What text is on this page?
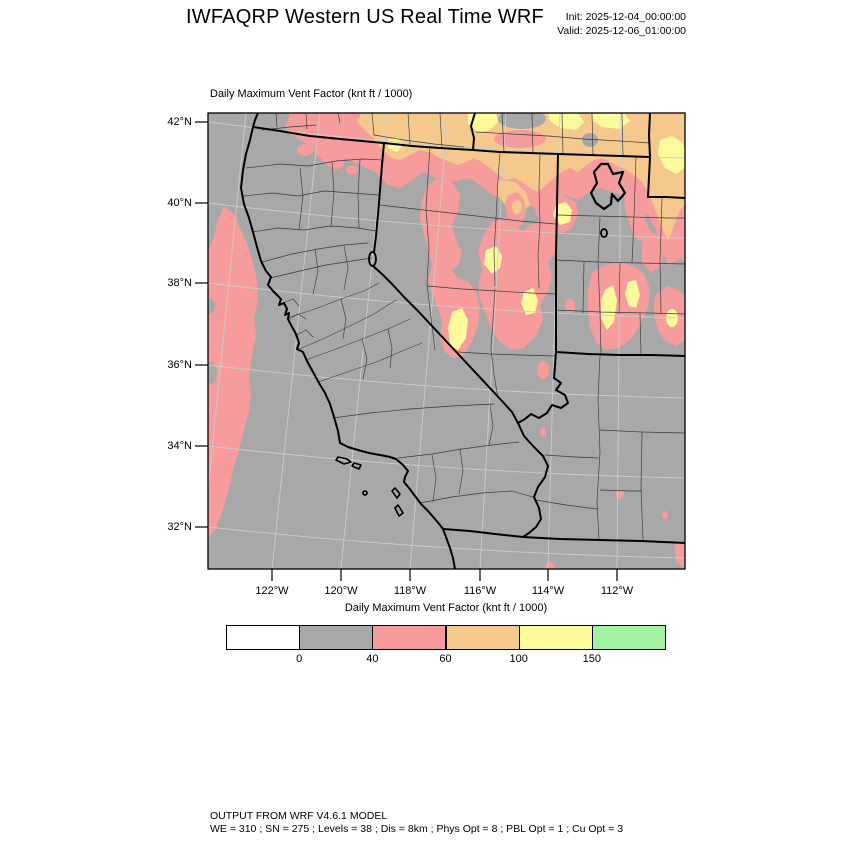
IWFAQRP Western US Real Time WRF	Init: 2025-12-04_00:00:00
Valid: 2025-12-06_01:00:00
Daily Maximum Vent Factor (knt ft / 1000)
42°N
40°N
38°N
36°N
34°N
32°N
122°W	120°W	118°W	116°W	114°W	112°W
Daily Maximum Vent Factor (knt ft / 1000)
0	40	60	100	150
OUTPUT FROM WRF V4.6.1 MODEL
WE = 310 ; SN = 275 ; Levels = 38 ; Dis = 8km ; Phys Opt = 8 ; PBL Opt = 1 ; Cu Opt = 3
